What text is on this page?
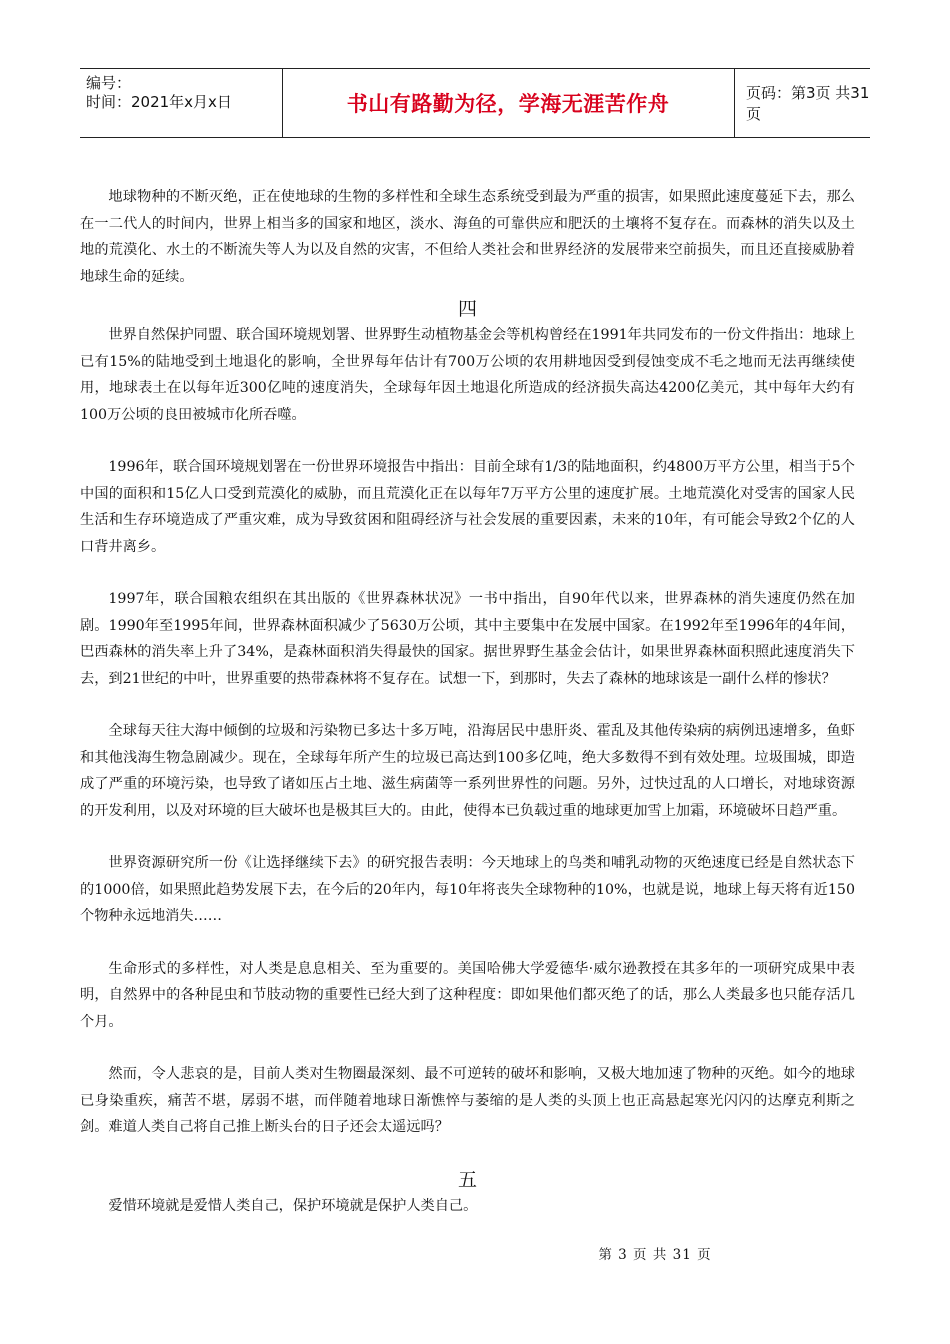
编号：
时间：2021年x月x日	书山有路勤为径，学海无涯苦作舟	页码：第3页 共31页

地球物种的不断灭绝，正在使地球的生物的多样性和全球生态系统受到最为严重的损害，如果照此速度蔓延下去，那么在一二代人的时间内，世界上相当多的国家和地区，淡水、海鱼的可靠供应和肥沃的土壤将不复存在。而森林的消失以及土地的荒漠化、水土的不断流失等人为以及自然的灾害，不但给人类社会和世界经济的发展带来空前损失，而且还直接威胁着地球生命的延续。

四

世界自然保护同盟、联合国环境规划署、世界野生动植物基金会等机构曾经在1991年共同发布的一份文件指出：地球上已有15%的陆地受到土地退化的影响，全世界每年估计有700万公顷的农用耕地因受到侵蚀变成不毛之地而无法再继续使用，地球表土在以每年近300亿吨的速度消失，全球每年因土地退化所造成的经济损失高达4200亿美元，其中每年大约有100万公顷的良田被城市化所吞噬。

1996年，联合国环境规划署在一份世界环境报告中指出：目前全球有1/3的陆地面积，约4800万平方公里，相当于5个中国的面积和15亿人口受到荒漠化的威胁，而且荒漠化正在以每年7万平方公里的速度扩展。土地荒漠化对受害的国家人民生活和生存环境造成了严重灾难，成为导致贫困和阻碍经济与社会发展的重要因素，未来的10年，有可能会导致2个亿的人口背井离乡。

1997年，联合国粮农组织在其出版的《世界森林状况》一书中指出，自90年代以来，世界森林的消失速度仍然在加剧。1990年至1995年间，世界森林面积减少了5630万公顷，其中主要集中在发展中国家。在1992年至1996年的4年间，巴西森林的消失率上升了34%，是森林面积消失得最快的国家。据世界野生基金会估计，如果世界森林面积照此速度消失下去，到21世纪的中叶，世界重要的热带森林将不复存在。试想一下，到那时，失去了森林的地球该是一副什么样的惨状？

全球每天往大海中倾倒的垃圾和污染物已多达十多万吨，沿海居民中患肝炎、霍乱及其他传染病的病例迅速增多，鱼虾和其他浅海生物急剧减少。现在，全球每年所产生的垃圾已高达到100多亿吨，绝大多数得不到有效处理。垃圾围城，即造成了严重的环境污染，也导致了诸如压占土地、滋生病菌等一系列世界性的问题。另外，过快过乱的人口增长，对地球资源的开发利用，以及对环境的巨大破坏也是极其巨大的。由此，使得本已负载过重的地球更加雪上加霜，环境破坏日趋严重。

世界资源研究所一份《让选择继续下去》的研究报告表明：今天地球上的鸟类和哺乳动物的灭绝速度已经是自然状态下的1000倍，如果照此趋势发展下去，在今后的20年内，每10年将丧失全球物种的10%，也就是说，地球上每天将有近150个物种永远地消失……

生命形式的多样性，对人类是息息相关、至为重要的。美国哈佛大学爱德华·威尔逊教授在其多年的一项研究成果中表明，自然界中的各种昆虫和节肢动物的重要性已经大到了这种程度：即如果他们都灭绝了的话，那么人类最多也只能存活几个月。

然而，令人悲哀的是，目前人类对生物圈最深刻、最不可逆转的破坏和影响，又极大地加速了物种的灭绝。如今的地球已身染重疾，痛苦不堪，孱弱不堪，而伴随着地球日渐憔悴与萎缩的是人类的头顶上也正高悬起寒光闪闪的达摩克利斯之剑。难道人类自己将自己推上断头台的日子还会太遥远吗？

五

爱惜环境就是爱惜人类自己，保护环境就是保护人类自己。

第 3 页 共 31 页
